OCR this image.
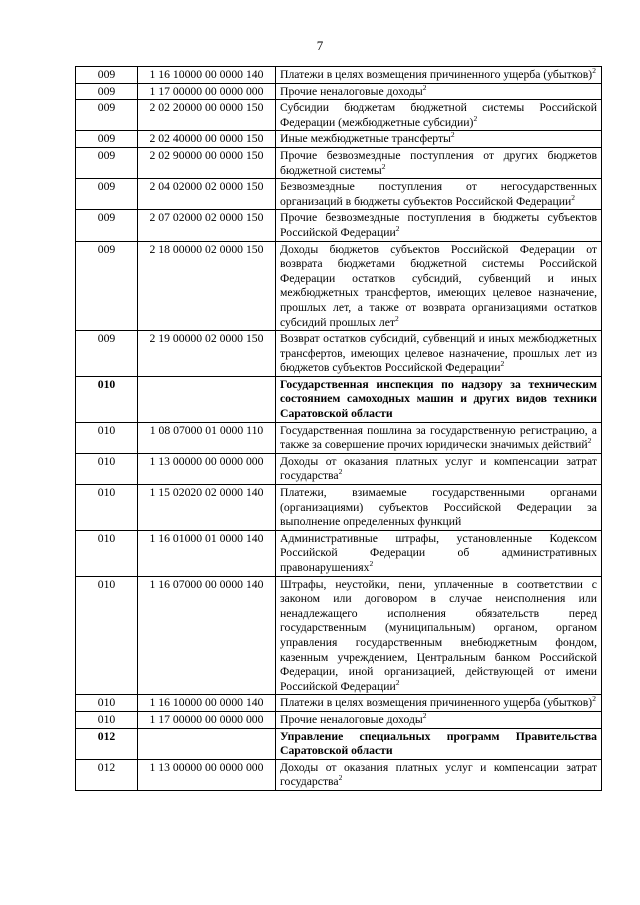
7
009	1 16 10000 00 0000 140	Платежи в целях возмещения причиненного ущерба (убытков)$^2$
009	1 17 00000 00 0000 000	Прочие неналоговые доходы$^2$
009	2 02 20000 00 0000 150	Субсидии бюджетам бюджетной системы Российской Федерации (межбюджетные субсидии)$^2$
009	2 02 40000 00 0000 150	Иные межбюджетные трансферты$^2$
009	2 02 90000 00 0000 150	Прочие безвозмездные поступления от других бюджетов бюджетной системы$^2$
009	2 04 02000 02 0000 150	Безвозмездные поступления от негосударственных организаций в бюджеты субъектов Российской Федерации$^2$
009	2 07 02000 02 0000 150	Прочие безвозмездные поступления в бюджеты субъектов Российской Федерации$^2$
009	2 18 00000 02 0000 150	Доходы бюджетов субъектов Российской Федерации от возврата бюджетами бюджетной системы Российской Федерации остатков субсидий, субвенций и иных межбюджетных трансфертов, имеющих целевое назначение, прошлых лет, а также от возврата организациями остатков субсидий прошлых лет$^2$
009	2 19 00000 02 0000 150	Возврат остатков субсидий, субвенций и иных межбюджетных трансфертов, имеющих целевое назначение, прошлых лет из бюджетов субъектов Российской Федерации$^2$
010		Государственная инспекция по надзору за техническим состоянием самоходных машин и других видов техники Саратовской области
010	1 08 07000 01 0000 110	Государственная пошлина за государственную регистрацию, а также за совершение прочих юридически значимых действий$^2$
010	1 13 00000 00 0000 000	Доходы от оказания платных услуг и компенсации затрат государства$^2$
010	1 15 02020 02 0000 140	Платежи, взимаемые государственными органами (организациями) субъектов Российской Федерации за выполнение определенных функций
010	1 16 01000 01 0000 140	Административные штрафы, установленные Кодексом Российской Федерации об административных правонарушениях$^2$
010	1 16 07000 00 0000 140	Штрафы, неустойки, пени, уплаченные в соответствии с законом или договором в случае неисполнения или ненадлежащего исполнения обязательств перед государственным (муниципальным) органом, органом управления государственным внебюджетным фондом, казенным учреждением, Центральным банком Российской Федерации, иной организацией, действующей от имени Российской Федерации$^2$
010	1 16 10000 00 0000 140	Платежи в целях возмещения причиненного ущерба (убытков)$^2$
010	1 17 00000 00 0000 000	Прочие неналоговые доходы$^2$
012		Управление специальных программ Правительства Саратовской области
012	1 13 00000 00 0000 000	Доходы от оказания платных услуг и компенсации затрат государства$^2$
